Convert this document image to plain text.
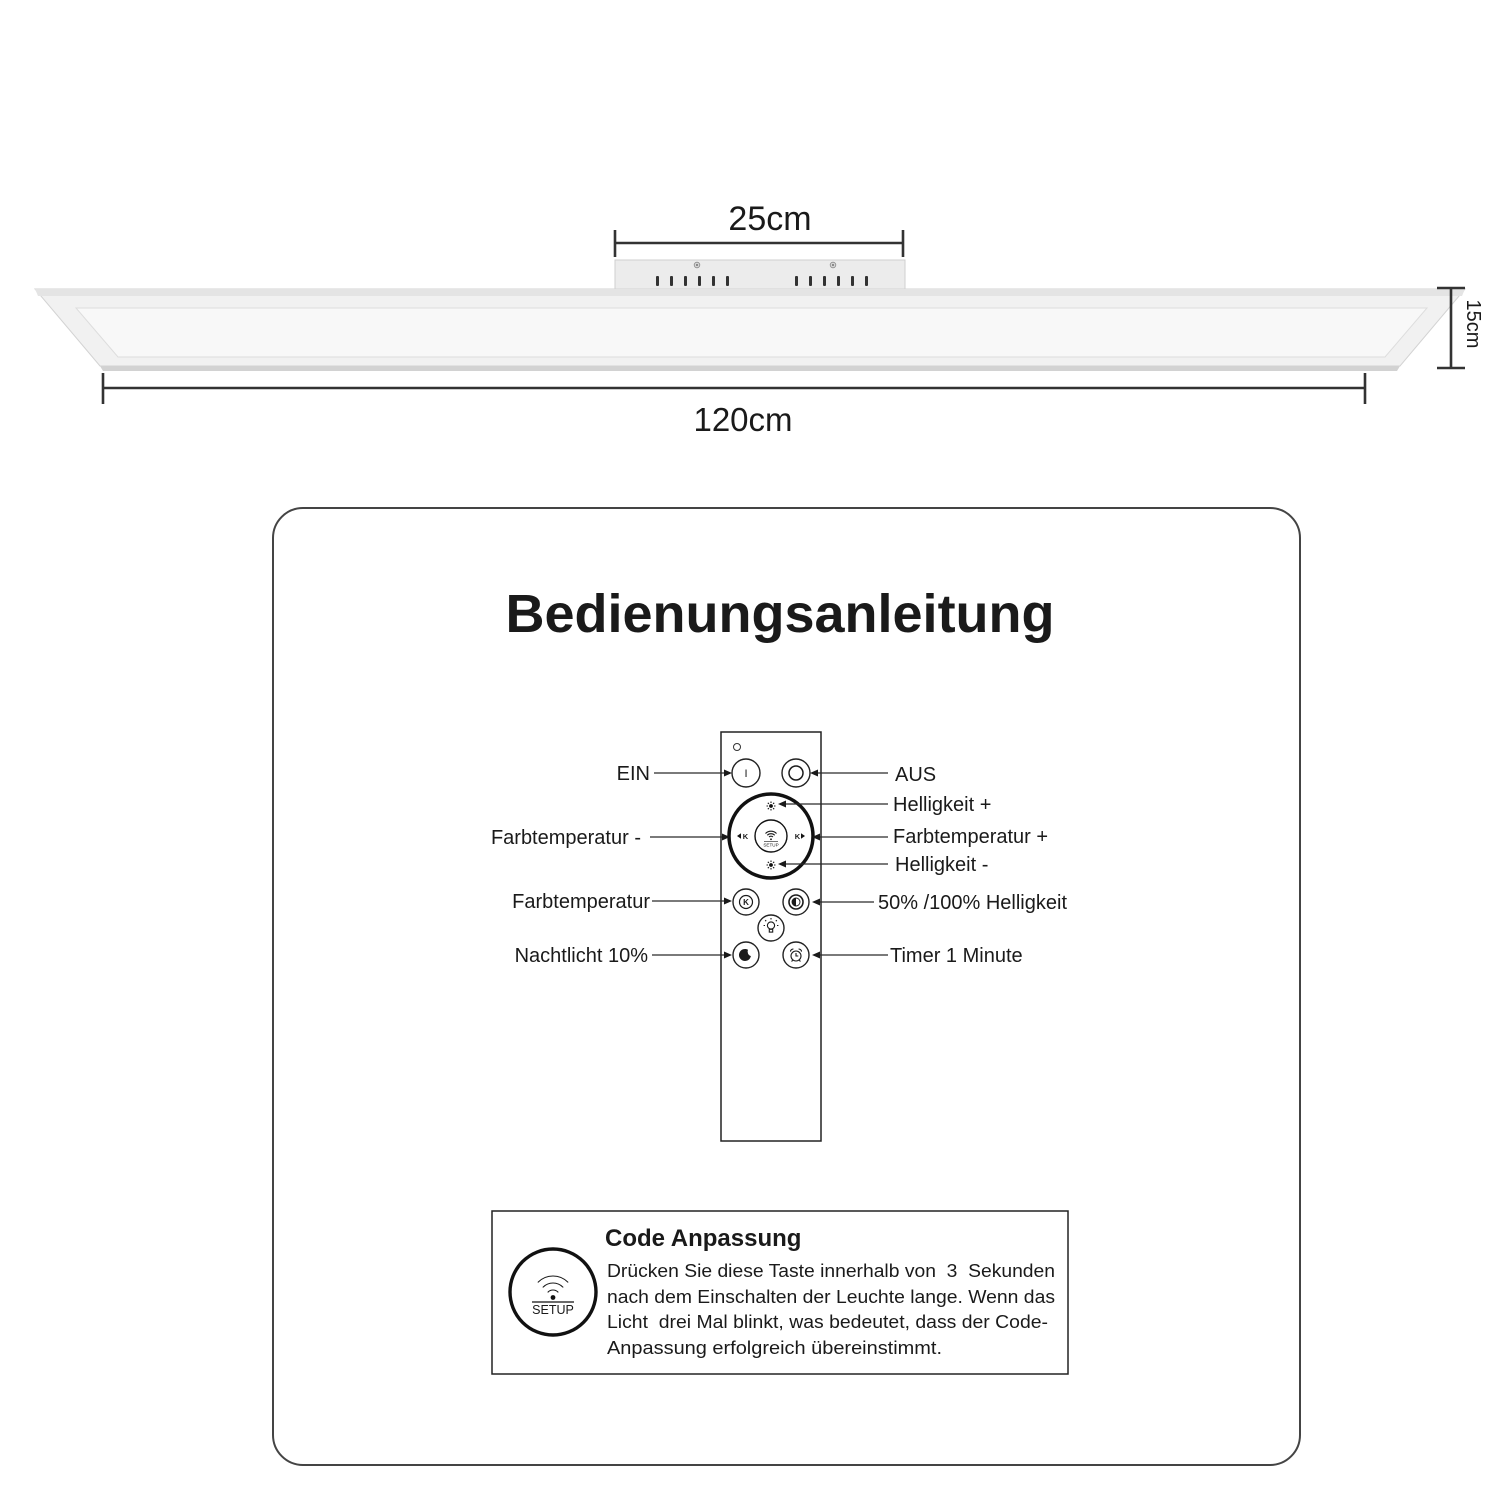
25cm
120cm
15cm
Bedienungsanleitung
I
K	K
SETUP
K
EIN	AUS
Helligkeit +
Farbtemperatur -	Farbtemperatur +
Helligkeit -
Farbtemperatur	50% /100% Helligkeit
Nachtlicht 10%	Timer 1 Minute
SETUP
Code Anpassung
Drücken Sie diese Taste innerhalb von  3  Sekunden
nach dem Einschalten der Leuchte lange. Wenn das
Licht  drei Mal blinkt, was bedeutet, dass der Code-
Anpassung erfolgreich übereinstimmt.
